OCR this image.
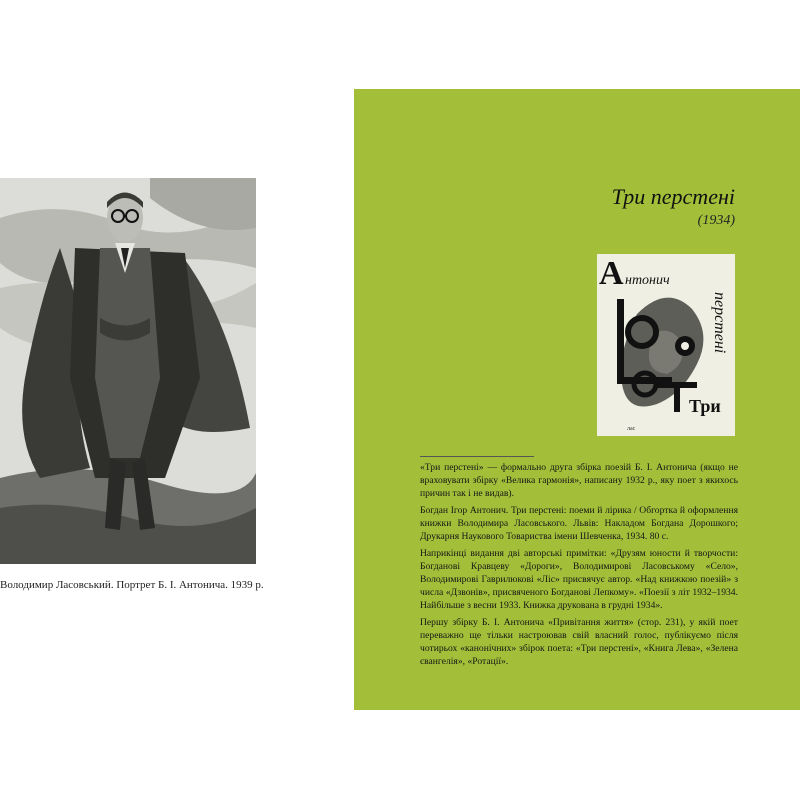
Володимир Ласовський. Портрет Б. І. Антонича. 1939 р.
Три перстені
(1934)
А нтонич
Три
перстені
лас

«Три перстені» — формально друга збірка поезій Б. І. Антонича (якщо не враховувати збірку «Велика гармонія», написану 1932 р., яку поет з якихось причин так і не видав).

Богдан Ігор Антонич. Три перстені: поеми й лірика / Обгортка й оформлення книжки Володимира Ласовського. Львів: Накладом Богдана Дорошкого; Друкарня Наукового Товариства імени Шевченка, 1934. 80 с.

Наприкінці видання дві авторські примітки: «Друзям юности й творчости: Богданові Кравцеву «Дороги», Володимирові Ласовському «Село», Володимирові Гаврилюкові «Ліс» присвячує автор. «Над книжкою поезій» з числа «Дзвонів», присвяченого Богданові Лепкому». «Поезії з літ 1932–1934. Найбільше з весни 1933. Книжка друкована в грудні 1934».

Першу збірку Б. І. Антонича «Привітання життя» (стор. 231), у якій поет переважно ще тільки настроював свій власний голос, публікуємо після чотирьох «канонічних» збірок поета: «Три перстені», «Книга Лева», «Зелена євангелія», «Ротації».
